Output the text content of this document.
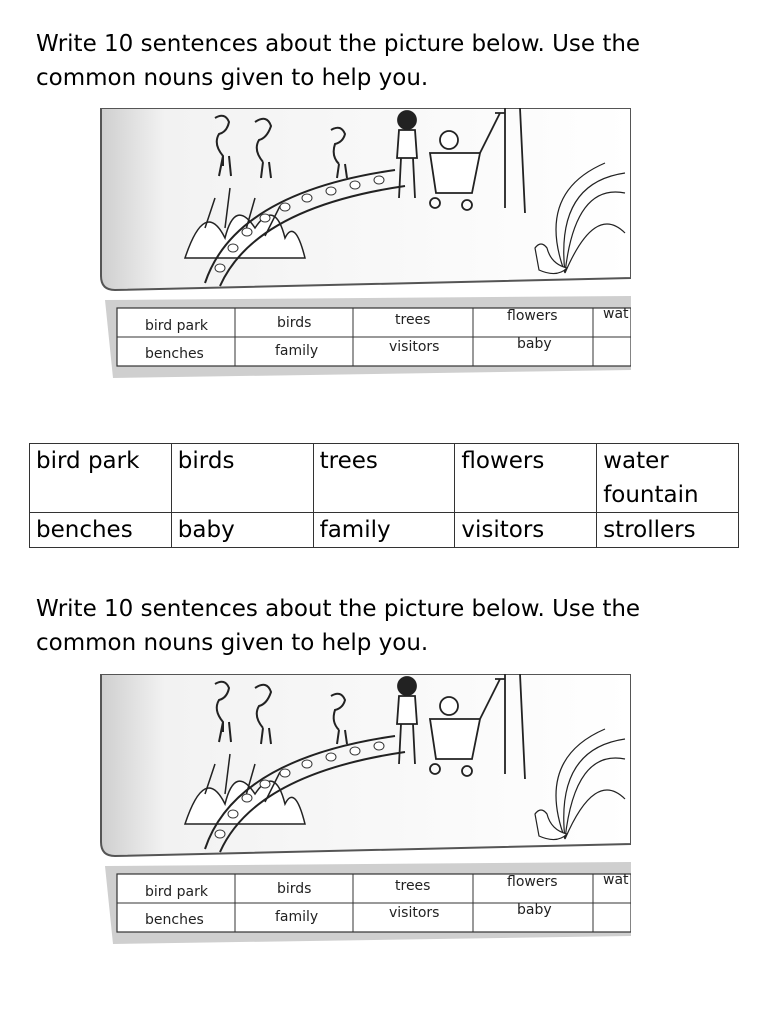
Write 10 sentences about the picture below. Use the
common nouns given to help you.

bird park	birds	trees	flowers	wat
benches	family	visitors	baby
bird park	birds	trees	flowers	water fountain
benches	baby	family	visitors	strollers

Write 10 sentences about the picture below. Use the
common nouns given to help you.

bird park	birds	trees	flowers	wat
benches	family	visitors	baby
